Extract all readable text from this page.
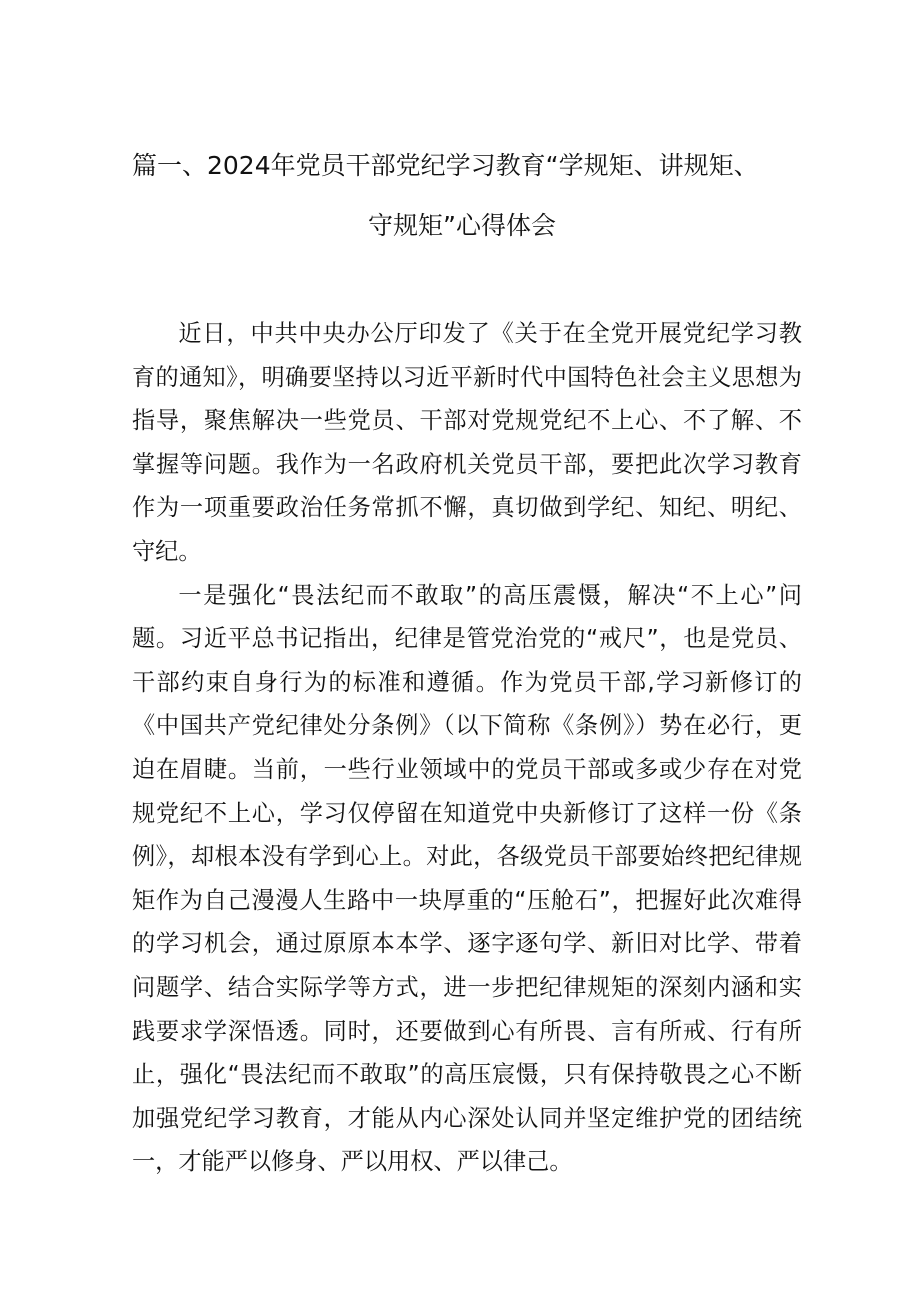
篇一、2024年党员干部党纪学习教育“学规矩、讲规矩、
守规矩”心得体会

近日，中共中央办公厅印发了《关于在全党开展党纪学习教育的通知》，明确要坚持以习近平新时代中国特色社会主义思想为指导，聚焦解决一些党员、干部对党规党纪不上心、不了解、不掌握等问题。我作为一名政府机关党员干部，要把此次学习教育作为一项重要政治任务常抓不懈，真切做到学纪、知纪、明纪、守纪。

一是强化“畏法纪而不敢取”的高压震慑，解决“不上心”问题。习近平总书记指出，纪律是管党治党的“戒尺”，也是党员、干部约束自身行为的标准和遵循。作为党员干部,学习新修订的《中国共产党纪律处分条例》（以下简称《条例》）势在必行，更迫在眉睫。当前，一些行业领域中的党员干部或多或少存在对党规党纪不上心，学习仅停留在知道党中央新修订了这样一份《条例》，却根本没有学到心上。对此，各级党员干部要始终把纪律规矩作为自己漫漫人生路中一块厚重的“压舱石”，把握好此次难得的学习机会，通过原原本本学、逐字逐句学、新旧对比学、带着问题学、结合实际学等方式，进一步把纪律规矩的深刻内涵和实践要求学深悟透。同时，还要做到心有所畏、言有所戒、行有所止，强化“畏法纪而不敢取”的高压宸慑，只有保持敬畏之心不断加强党纪学习教育，才能从内心深处认同并坚定维护党的团结统一，才能严以修身、严以用权、严以律己。
